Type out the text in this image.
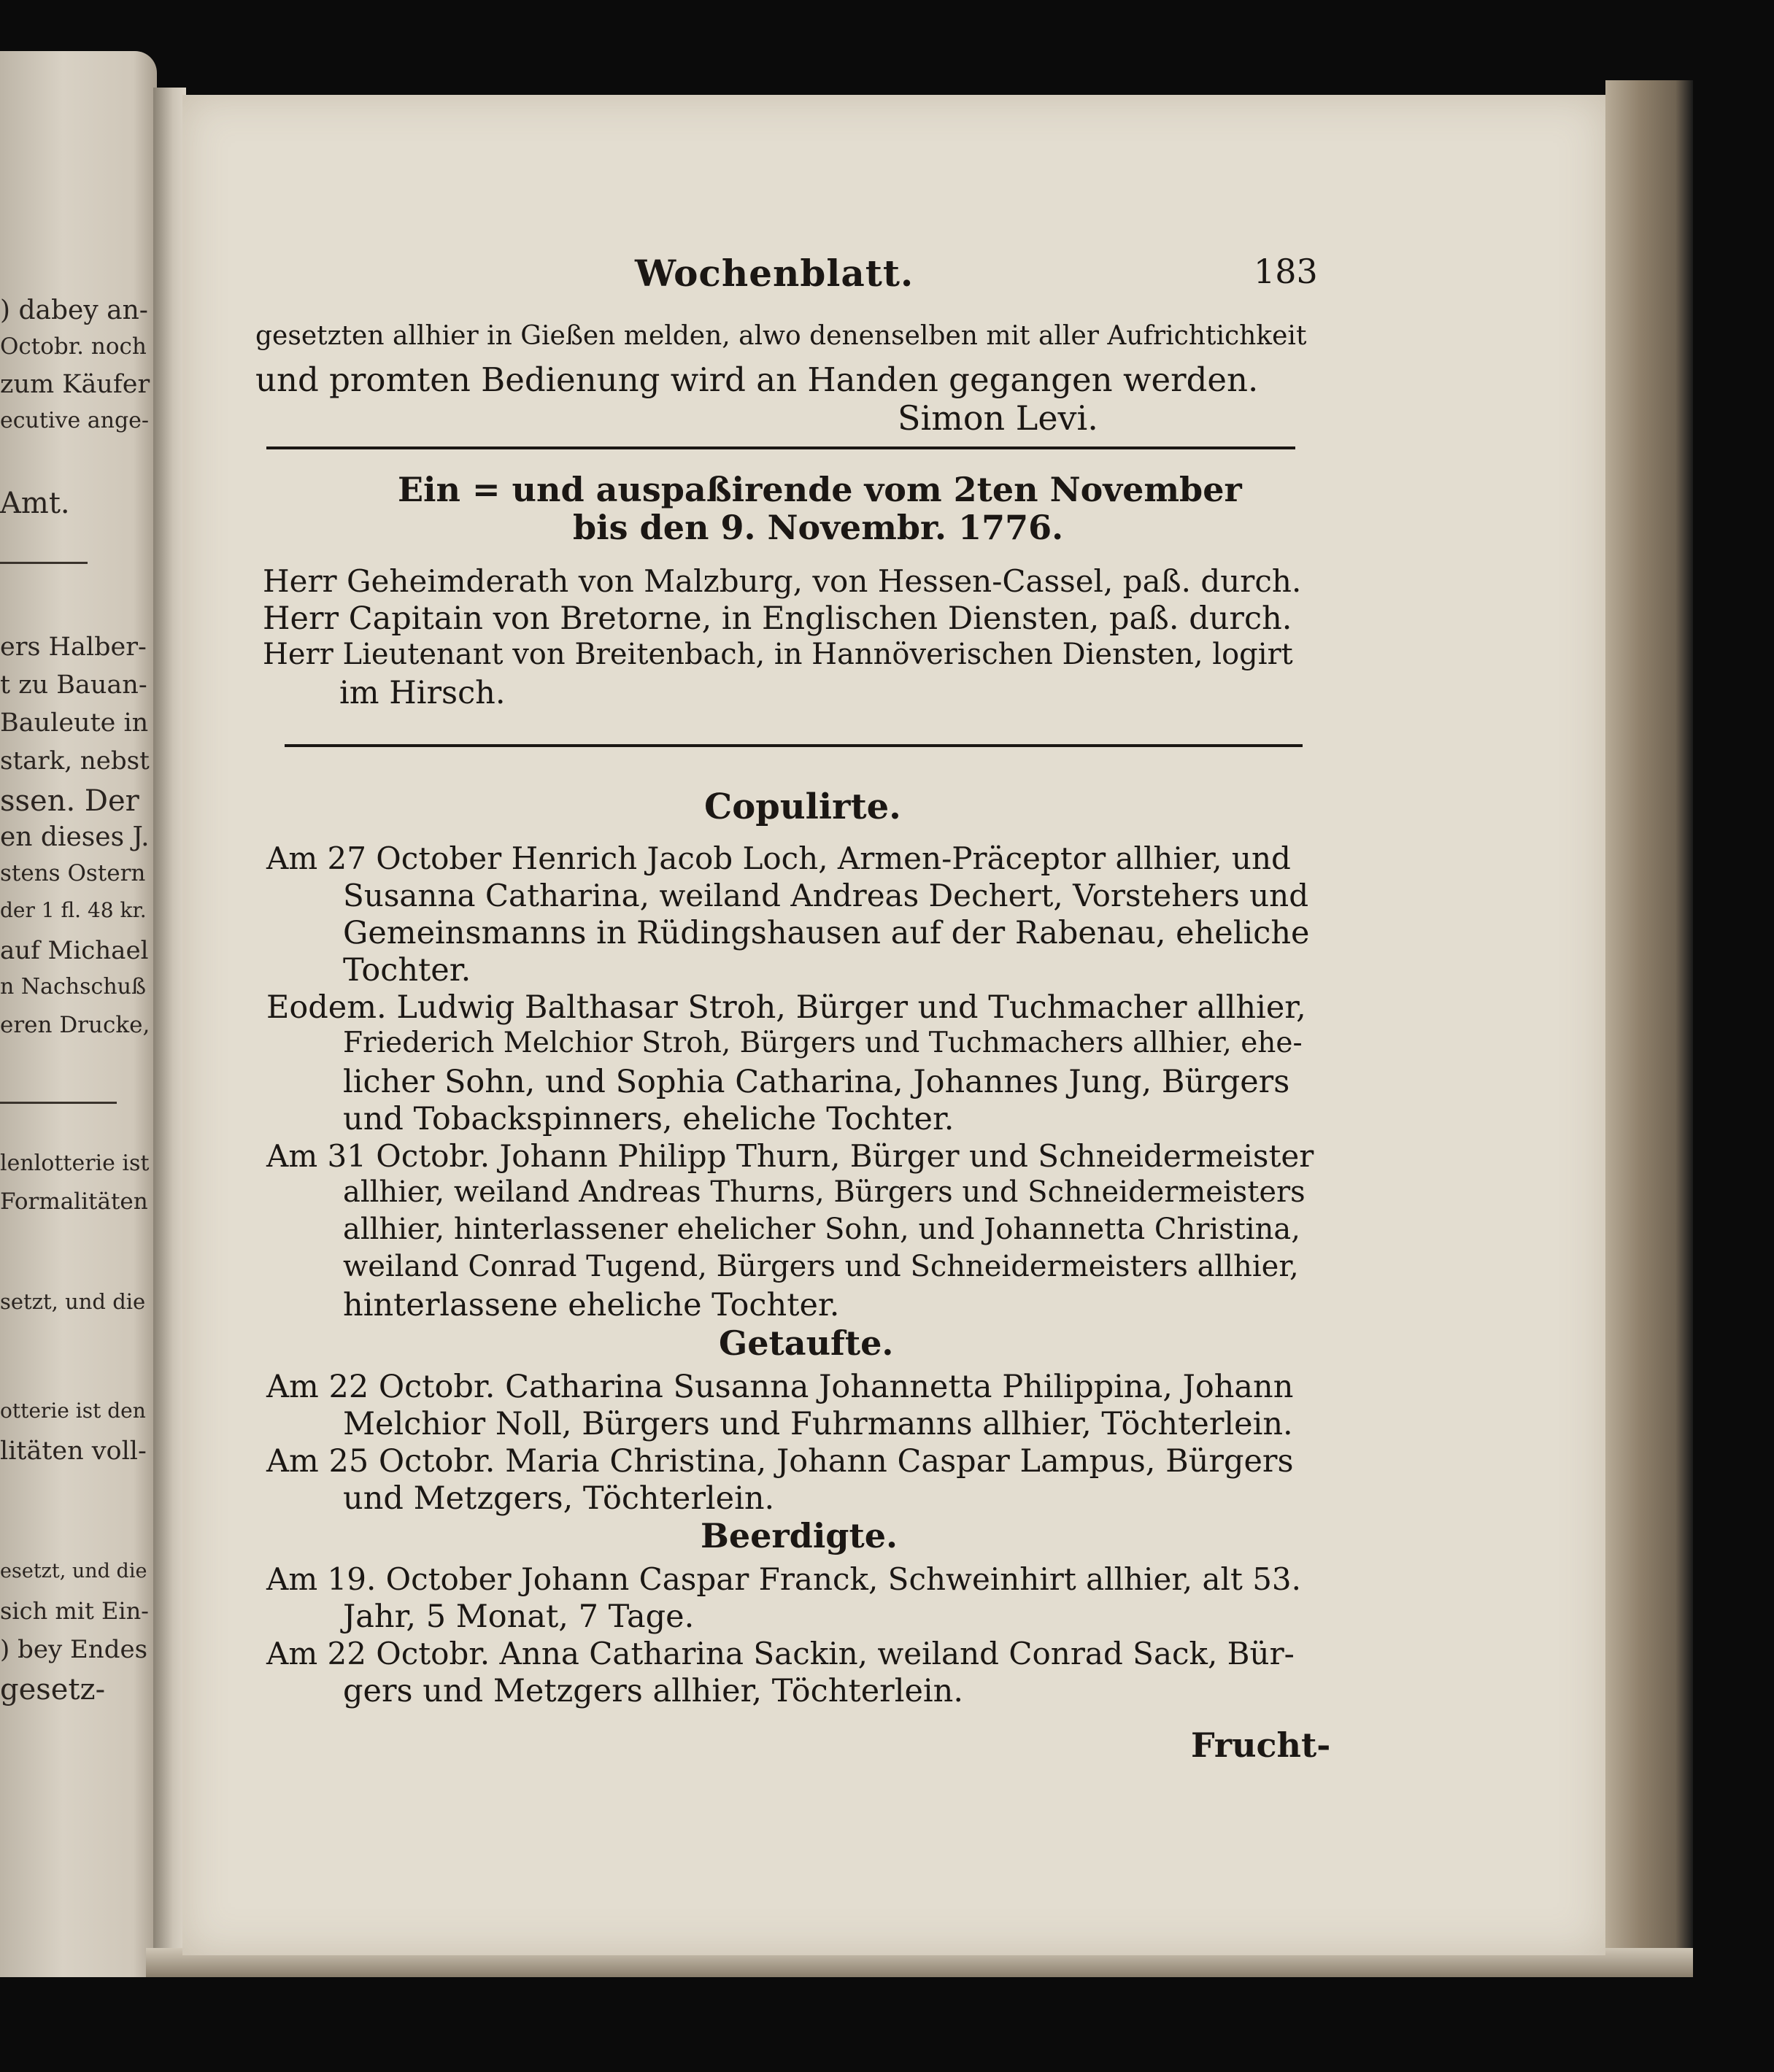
) dabey an-
Octobr. noch
zum Käufer
ecutive ange-
Amt.
ers Halber-
t zu Bauan-
Bauleute in
stark, nebst
ssen. Der
en dieses J.
stens Ostern
der 1 fl. 48 kr.
auf Michael
n Nachschuß
eren Drucke,
lenlotterie ist
Formalitäten
setzt, und die
otterie ist den
litäten voll-
esetzt, und die
sich mit Ein-
) bey Endes
gesetz-
Wochenblatt.	183
gesetzten allhier in Gießen melden, alwo denenselben mit aller Aufrichtichkeit
und promten Bedienung wird an Handen gegangen werden.
Simon Levi.
Ein = und auspaßirende vom 2ten November
bis den 9. Novembr. 1776.
Herr Geheimderath von Malzburg, von Hessen-Cassel, paß. durch.
Herr Capitain von Bretorne, in Englischen Diensten, paß. durch.
Herr Lieutenant von Breitenbach, in Hannöverischen Diensten, logirt
im Hirsch.
Copulirte.
Am 27 October Henrich Jacob Loch, Armen-Präceptor allhier, und
Susanna Catharina, weiland Andreas Dechert, Vorstehers und
Gemeinsmanns in Rüdingshausen auf der Rabenau, eheliche
Tochter.
Eodem. Ludwig Balthasar Stroh, Bürger und Tuchmacher allhier,
Friederich Melchior Stroh, Bürgers und Tuchmachers allhier, ehe-
licher Sohn, und Sophia Catharina, Johannes Jung, Bürgers
und Tobackspinners, eheliche Tochter.
Am 31 Octobr. Johann Philipp Thurn, Bürger und Schneidermeister
allhier, weiland Andreas Thurns, Bürgers und Schneidermeisters
allhier, hinterlassener ehelicher Sohn, und Johannetta Christina,
weiland Conrad Tugend, Bürgers und Schneidermeisters allhier,
hinterlassene eheliche Tochter.
Getaufte.
Am 22 Octobr. Catharina Susanna Johannetta Philippina, Johann
Melchior Noll, Bürgers und Fuhrmanns allhier, Töchterlein.
Am 25 Octobr. Maria Christina, Johann Caspar Lampus, Bürgers
und Metzgers, Töchterlein.
Beerdigte.
Am 19. October Johann Caspar Franck, Schweinhirt allhier, alt 53.
Jahr, 5 Monat, 7 Tage.
Am 22 Octobr. Anna Catharina Sackin, weiland Conrad Sack, Bür-
gers und Metzgers allhier, Töchterlein.
Frucht-
